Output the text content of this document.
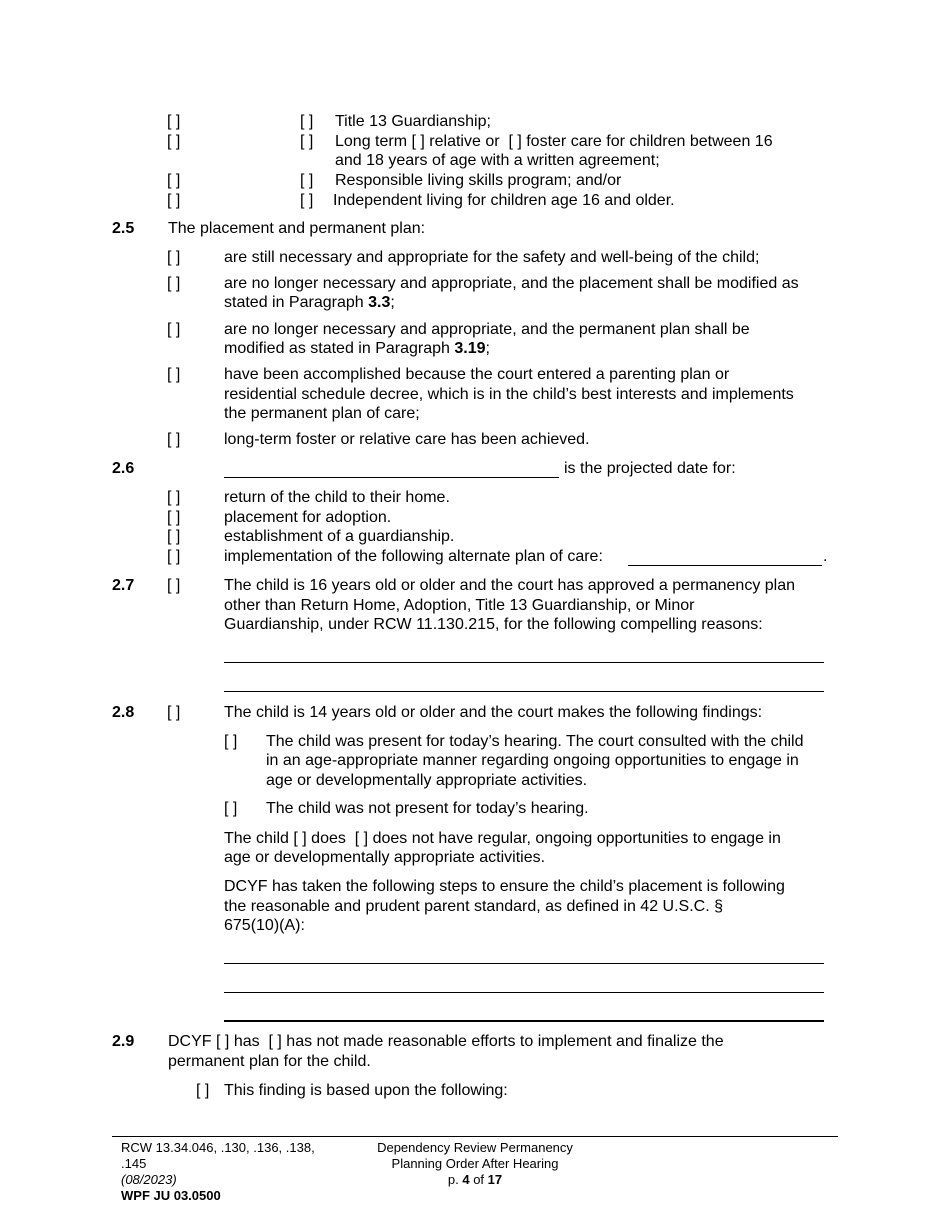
[ ]	[ ] Title 13 Guardianship;
[ ]	[ ] Long term [ ] relative or [ ] foster care for children between 16
and 18 years of age with a written agreement;
[ ]	[ ] Responsible living skills program; and/or
[ ]	[ ] Independent living for children age 16 and older.
2.5 The placement and permanent plan:
[ ]	are still necessary and appropriate for the safety and well-being of the child;
[ ]	are no longer necessary and appropriate, and the placement shall be modified as
stated in Paragraph 3.3;
[ ]	are no longer necessary and appropriate, and the permanent plan shall be
modified as stated in Paragraph 3.19;
[ ]	have been accomplished because the court entered a parenting plan or
residential schedule decree, which is in the child’s best interests and implements
the permanent plan of care;
[ ]	long-term foster or relative care has been achieved.
2.6	is the projected date for:
[ ]	return of the child to their home.
[ ]	placement for adoption.
[ ]	establishment of a guardianship.
[ ]	implementation of the following alternate plan of care:	.
2.7 [ ]	The child is 16 years old or older and the court has approved a permanency plan
other than Return Home, Adoption, Title 13 Guardianship, or Minor
Guardianship, under RCW 11.130.215, for the following compelling reasons:
2.8 [ ]	The child is 14 years old or older and the court makes the following findings:
[ ] The child was present for today’s hearing. The court consulted with the child
in an age-appropriate manner regarding ongoing opportunities to engage in
age or developmentally appropriate activities.
[ ] The child was not present for today’s hearing.
The child [ ] does [ ] does not have regular, ongoing opportunities to engage in
age or developmentally appropriate activities.
DCYF has taken the following steps to ensure the child’s placement is following
the reasonable and prudent parent standard, as defined in 42 U.S.C. §
675(10)(A):
2.9 DCYF [ ] has [ ] has not made reasonable efforts to implement and finalize the
permanent plan for the child.
[ ] This finding is based upon the following:
RCW 13.34.046, .130, .136, .138,
.145
(08/2023)
WPF JU 03.0500
Dependency Review Permanency
Planning Order After Hearing
p. 4 of 17
